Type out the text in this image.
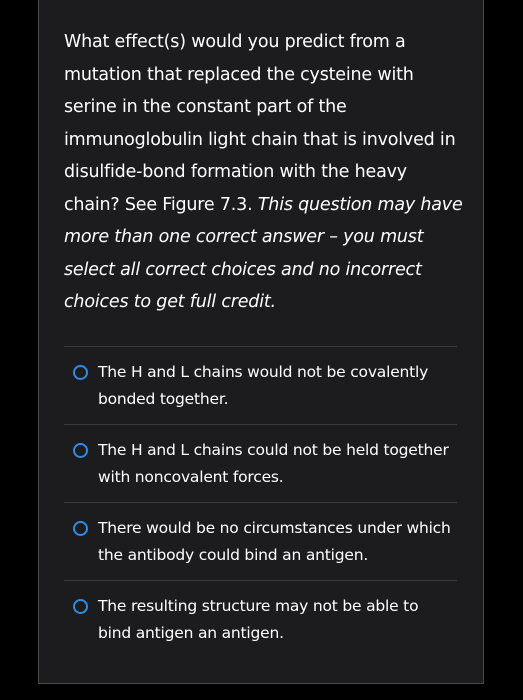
What effect(s) would you predict from a mutation that replaced the cysteine with serine in the constant part of the immunoglobulin light chain that is involved in disulfide-bond formation with the heavy chain? See Figure 7.3. This question may have more than one correct answer – you must select all correct choices and no incorrect choices to get full credit.
The H and L chains would not be covalently bonded together.
The H and L chains could not be held together with noncovalent forces.
There would be no circumstances under which the antibody could bind an antigen.
The resulting structure may not be able to bind antigen an antigen.
